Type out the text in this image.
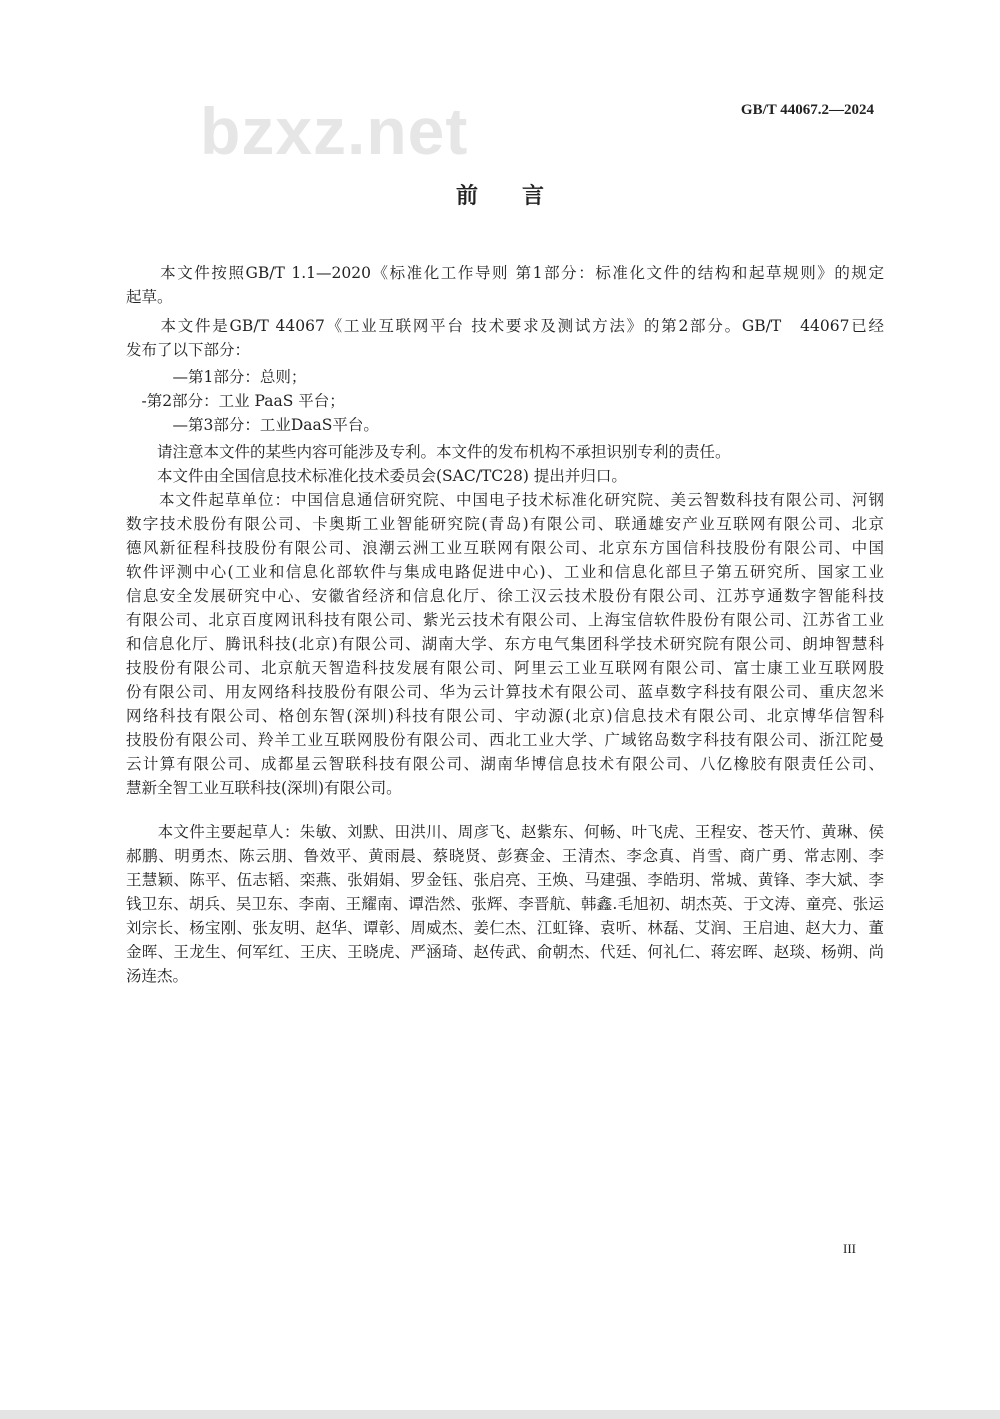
GB/T 44067.2—2024
bzxz.net
前言
　　本文件按照GB/T 1.1—2020《标准化工作导则 第1部分：标准化文件的结构和起草规则》的规定
起草。
　　本文件是GB/T 44067《工业互联网平台 技术要求及测试方法》的第2部分。GB/T　44067已经
发布了以下部分：
　　　—第1部分：总则；
　-第2部分：工业 PaaS 平台；
　　　—第3部分：工业DaaS平台。
　　请注意本文件的某些内容可能涉及专利。本文件的发布机构不承担识别专利的责任。
　　本文件由全国信息技术标准化技术委员会(SAC/TC28) 提出并归口。
　　本文件起草单位：中国信息通信研究院、中国电子技术标准化研究院、美云智数科技有限公司、河钢
数字技术股份有限公司、卡奥斯工业智能研究院(青岛)有限公司、联通雄安产业互联网有限公司、北京
德风新征程科技股份有限公司、浪潮云洲工业互联网有限公司、北京东方国信科技股份有限公司、中国
软件评测中心(工业和信息化部软件与集成电路促进中心)、工业和信息化部旦子第五研究所、国家工业
信息安全发展研究中心、安徽省经济和信息化厅、徐工汉云技术股份有限公司、江苏亨通数字智能科技
有限公司、北京百度网讯科技有限公司、紫光云技术有限公司、上海宝信软件股份有限公司、江苏省工业
和信息化厅、腾讯科技(北京)有限公司、湖南大学、东方电气集团科学技术研究院有限公司、朗坤智慧科
技股份有限公司、北京航天智造科技发展有限公司、阿里云工业互联网有限公司、富士康工业互联网股
份有限公司、用友网络科技股份有限公司、华为云计算技术有限公司、蓝卓数字科技有限公司、重庆忽米
网络科技有限公司、格创东智(深圳)科技有限公司、宇动源(北京)信息技术有限公司、北京博华信智科
技股份有限公司、羚羊工业互联网股份有限公司、西北工业大学、广域铭岛数字科技有限公司、浙江陀曼
云计算有限公司、成都星云智联科技有限公司、湖南华博信息技术有限公司、八亿橡胶有限责任公司、
慧新全智工业互联科技(深圳)有限公司。
　　本文件主要起草人：朱敏、刘默、田洪川、周彦飞、赵紫东、何畅、叶飞虎、王程安、苍天竹、黄琳、侯
郝鹏、明勇杰、陈云朋、鲁效平、黄雨晨、蔡晓贤、彭赛金、王清杰、李念真、肖雪、商广勇、常志刚、李
王慧颖、陈平、伍志韬、栾燕、张娟娟、罗金钰、张启亮、王焕、马建强、李皓玥、常城、黄锋、李大斌、李
钱卫东、胡兵、吴卫东、李南、王耀南、谭浩然、张辉、李晋航、韩鑫.毛旭初、胡杰英、于文涛、童亮、张运
刘宗长、杨宝刚、张友明、赵华、谭彰、周威杰、姜仁杰、江虹锋、袁听、林磊、艾润、王启迪、赵大力、董
金晖、王龙生、何军红、王庆、王晓虎、严涵琦、赵传武、俞朝杰、代廷、何礼仁、蒋宏晖、赵琰、杨朔、尚
汤连杰。
III
